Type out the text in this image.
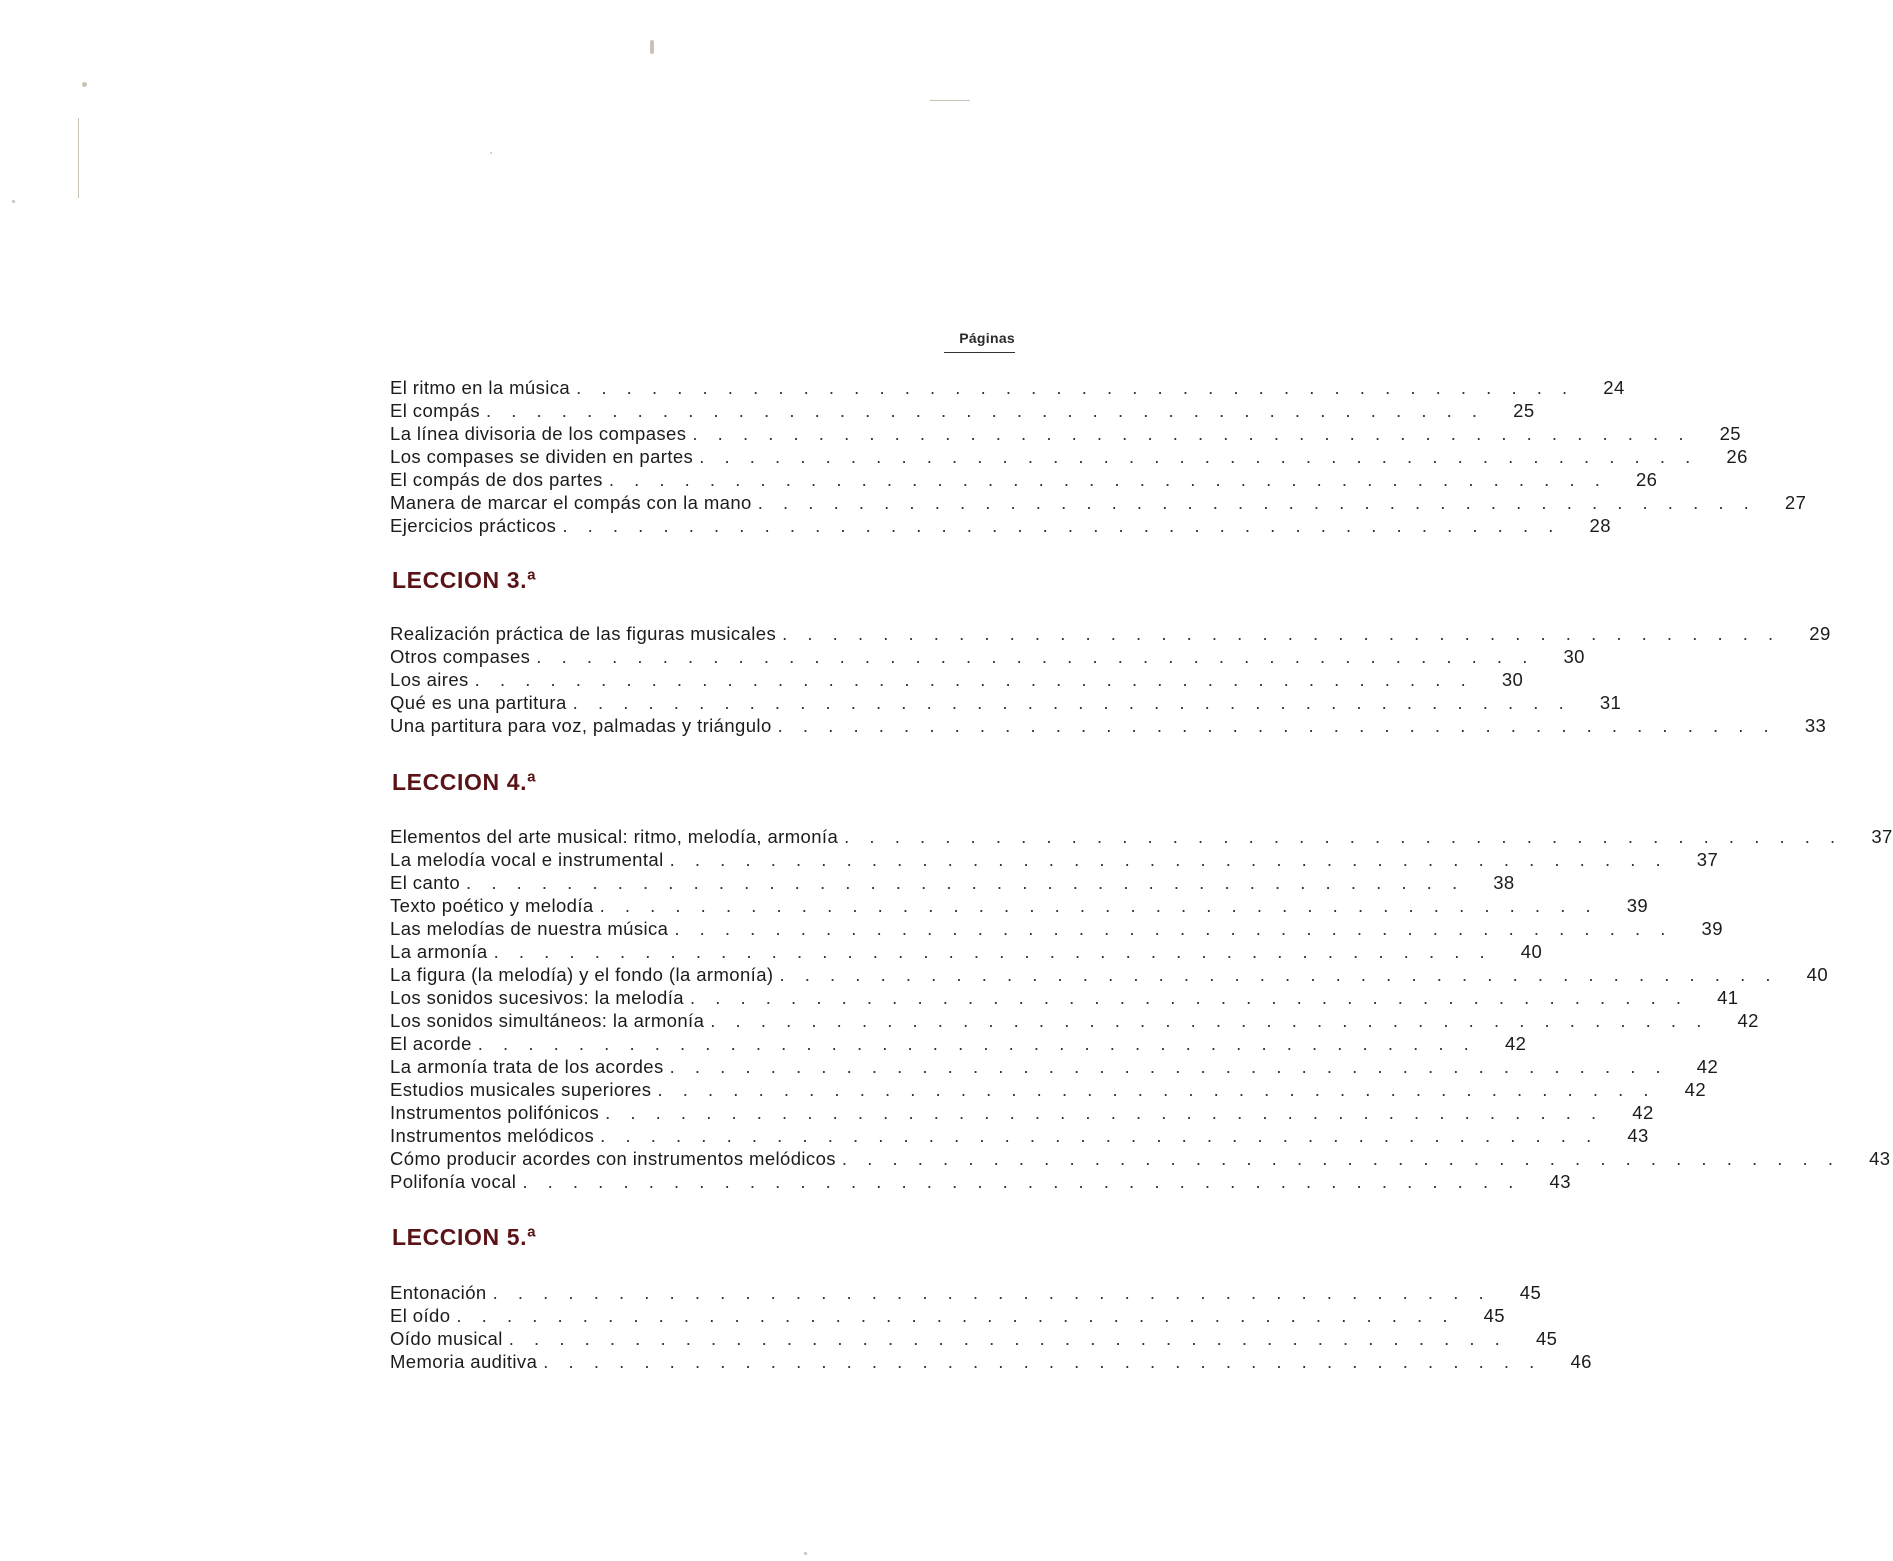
Páginas
El ritmo en la música . . . . . . . . . . . . . . . . . . . . . . . . . . . . . . . . . . . . . . . . 24
El compás . . . . . . . . . . . . . . . . . . . . . . . . . . . . . . . . . . . . . . . . 25
La línea divisoria de los compases . . . . . . . . . . . . . . . . . . . . . . . . . . . . . . . . . . . . . . . . 25
Los compases se dividen en partes . . . . . . . . . . . . . . . . . . . . . . . . . . . . . . . . . . . . . . . . 26
El compás de dos partes . . . . . . . . . . . . . . . . . . . . . . . . . . . . . . . . . . . . . . . . 26
Manera de marcar el compás con la mano . . . . . . . . . . . . . . . . . . . . . . . . . . . . . . . . . . . . . . . . 27
Ejercicios prácticos . . . . . . . . . . . . . . . . . . . . . . . . . . . . . . . . . . . . . . . . 28
LECCION 3.ª
Realización práctica de las figuras musicales . . . . . . . . . . . . . . . . . . . . . . . . . . . . . . . . . . . . . . . . 29
Otros compases . . . . . . . . . . . . . . . . . . . . . . . . . . . . . . . . . . . . . . . . 30
Los aires . . . . . . . . . . . . . . . . . . . . . . . . . . . . . . . . . . . . . . . . 30
Qué es una partitura . . . . . . . . . . . . . . . . . . . . . . . . . . . . . . . . . . . . . . . . 31
Una partitura para voz, palmadas y triángulo . . . . . . . . . . . . . . . . . . . . . . . . . . . . . . . . . . . . . . . . 33
LECCION 4.ª
Elementos del arte musical: ritmo, melodía, armonía . . . . . . . . . . . . . . . . . . . . . . . . . . . . . . . . . . . . . . . . 37
La melodía vocal e instrumental . . . . . . . . . . . . . . . . . . . . . . . . . . . . . . . . . . . . . . . . 37
El canto . . . . . . . . . . . . . . . . . . . . . . . . . . . . . . . . . . . . . . . . 38
Texto poético y melodía . . . . . . . . . . . . . . . . . . . . . . . . . . . . . . . . . . . . . . . . 39
Las melodías de nuestra música . . . . . . . . . . . . . . . . . . . . . . . . . . . . . . . . . . . . . . . . 39
La armonía . . . . . . . . . . . . . . . . . . . . . . . . . . . . . . . . . . . . . . . . 40
La figura (la melodía) y el fondo (la armonía) . . . . . . . . . . . . . . . . . . . . . . . . . . . . . . . . . . . . . . . . 40
Los sonidos sucesivos: la melodía . . . . . . . . . . . . . . . . . . . . . . . . . . . . . . . . . . . . . . . . 41
Los sonidos simultáneos: la armonía . . . . . . . . . . . . . . . . . . . . . . . . . . . . . . . . . . . . . . . . 42
El acorde . . . . . . . . . . . . . . . . . . . . . . . . . . . . . . . . . . . . . . . . 42
La armonía trata de los acordes . . . . . . . . . . . . . . . . . . . . . . . . . . . . . . . . . . . . . . . . 42
Estudios musicales superiores . . . . . . . . . . . . . . . . . . . . . . . . . . . . . . . . . . . . . . . . 42
Instrumentos polifónicos . . . . . . . . . . . . . . . . . . . . . . . . . . . . . . . . . . . . . . . . 42
Instrumentos melódicos . . . . . . . . . . . . . . . . . . . . . . . . . . . . . . . . . . . . . . . . 43
Cómo producir acordes con instrumentos melódicos . . . . . . . . . . . . . . . . . . . . . . . . . . . . . . . . . . . . . . . . 43
Polifonía vocal . . . . . . . . . . . . . . . . . . . . . . . . . . . . . . . . . . . . . . . . 43
LECCION 5.ª
Entonación . . . . . . . . . . . . . . . . . . . . . . . . . . . . . . . . . . . . . . . . 45
El oído . . . . . . . . . . . . . . . . . . . . . . . . . . . . . . . . . . . . . . . . 45
Oído musical . . . . . . . . . . . . . . . . . . . . . . . . . . . . . . . . . . . . . . . . 45
Memoria auditiva . . . . . . . . . . . . . . . . . . . . . . . . . . . . . . . . . . . . . . . . 46
